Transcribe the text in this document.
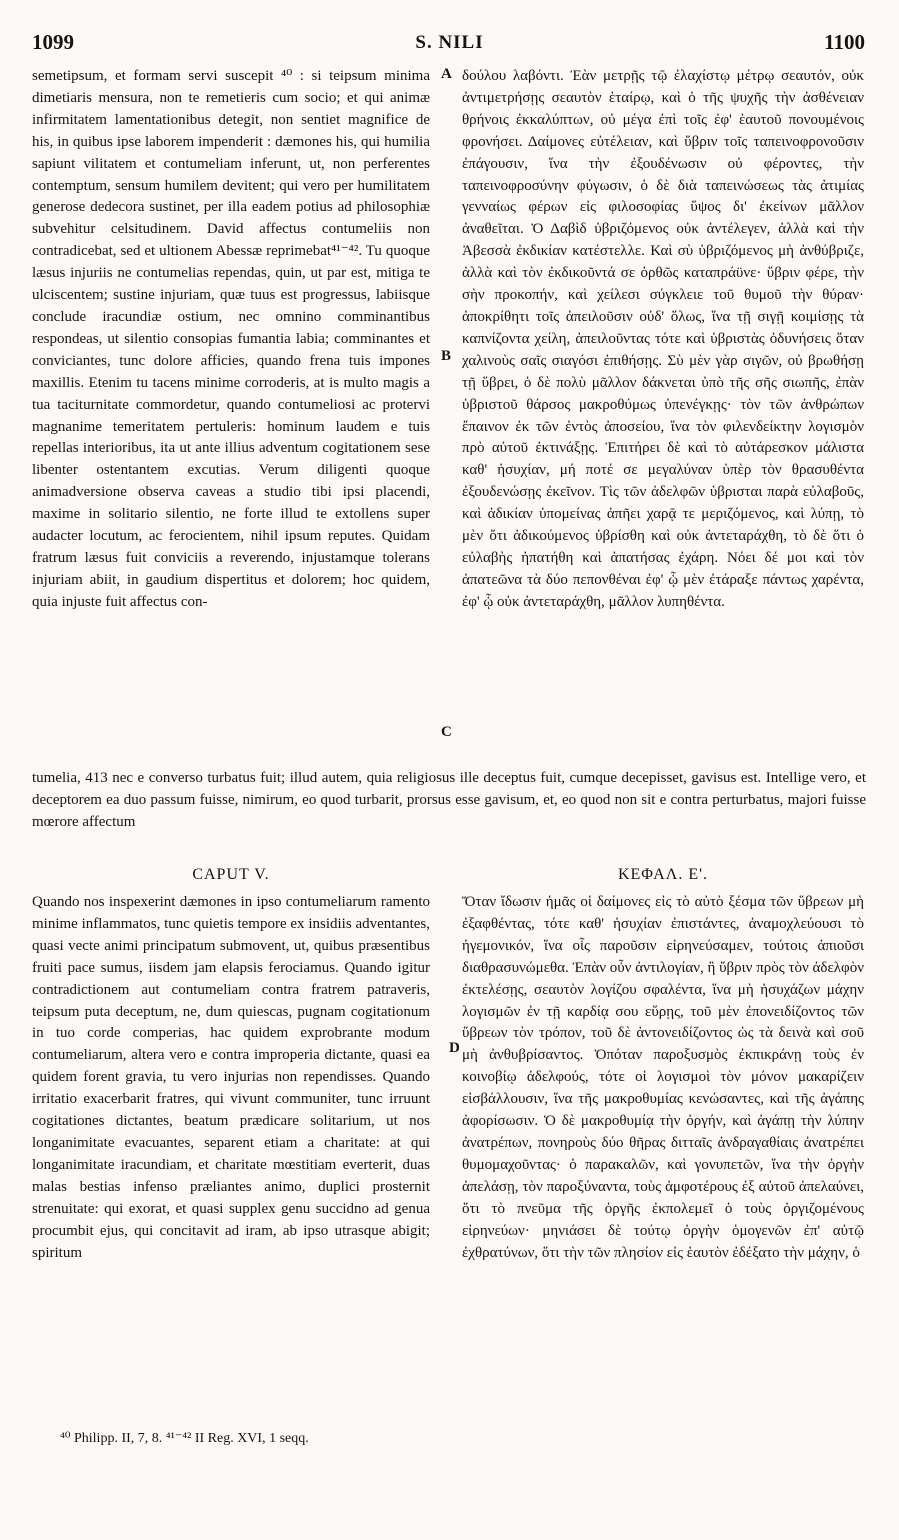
1099	S. NILI	1100

semetipsum, et formam servi suscepit ⁴⁰ : si teipsum minima dimetiaris mensura, non te remetieris cum socio; et qui animæ infirmitatem lamentationibus detegit, non sentiet magnifice de his, in quibus ipse laborem impenderit : dæmones his, qui humilia sapiunt vilitatem et contumeliam inferunt, ut, non perferentes contemptum, sensum humilem devitent; qui vero per humilitatem generose dedecora sustinet, per illa eadem potius ad philosophiæ subvehitur celsitudinem. David affectus contumeliis non contradicebat, sed et ultionem Abessæ reprimebat⁴¹⁻⁴². Tu quoque læsus injuriis ne contumelias rependas, quin, ut par est, mitiga te ulciscentem; sustine injuriam, quæ tuus est progressus, labiisque conclude iracundiæ ostium, nec omnino comminantibus respondeas, ut silentio consopias fumantia labia; comminantes et conviciantes, tunc dolore afficies, quando frena tuis impones maxillis. Etenim tu tacens minime corroderis, at is multo magis a tua taciturnitate commordetur, quando contumeliosi ac protervi magnanime temeritatem pertuleris: hominum laudem e tuis repellas interioribus, ita ut ante illius adventum cogitationem sese libenter ostentantem excutias. Verum diligenti quoque animadversione observa caveas a studio tibi ipsi placendi, maxime in solitario silentio, ne forte illud te extollens super audacter locutum, ac ferocientem, nihil ipsum reputes. Quidam fratrum læsus fuit conviciis a reverendo, injustamque tolerans injuriam abiit, in gaudium dispertitus et dolorem; hoc quidem, quia injuste fuit affectus con-

δούλου λαβόντι. Ἐὰν μετρῇς τῷ ἐλαχίστῳ μέτρῳ σεαυτόν, οὐκ ἀντιμετρήσῃς σεαυτὸν ἑταίρῳ, καὶ ὁ τῆς ψυχῆς τὴν ἀσθένειαν θρήνοις ἐκκαλύπτων, οὐ μέγα ἐπὶ τοῖς ἐφ' ἑαυτοῦ πονουμένοις φρονήσει. Δαίμονες εὐτέλειαν, καὶ ὕβριν τοῖς ταπεινοφρονοῦσιν ἐπάγουσιν, ἵνα τὴν ἐξουδένωσιν οὐ φέροντες, τὴν ταπεινοφροσύνην φύγωσιν, ὁ δὲ διὰ ταπεινώσεως τὰς ἀτιμίας γενναίως φέρων εἰς φιλοσοφίας ὕψος δι' ἐκείνων μᾶλλον ἀναθεῖται. Ὁ Δαβὶδ ὑβριζόμενος οὐκ ἀντέλεγεν, ἀλλὰ καὶ τὴν Ἀβεσσὰ ἐκδικίαν κατέστελλε. Καὶ σὺ ὑβριζόμενος μὴ ἀνθύβριζε, ἀλλὰ καὶ τὸν ἐκδικοῦντά σε ὀρθῶς καταπράϋνε· ὕβριν φέρε, τὴν σὴν προκοπήν, καὶ χείλεσι σύγκλειε τοῦ θυμοῦ τὴν θύραν· ἀποκρίθητι τοῖς ἀπειλοῦσιν οὐδ' ὅλως, ἵνα τῇ σιγῇ κοιμίσῃς τὰ καπνίζοντα χείλη, ἀπειλοῦντας τότε καὶ ὑβριστὰς ὀδυνήσεις ὅταν χαλινοὺς σαῖς σιαγόσι ἐπιθήσῃς. Σὺ μὲν γὰρ σιγῶν, οὐ βρωθήσῃ τῇ ὕβρει, ὁ δὲ πολὺ μᾶλλον δάκνεται ὑπὸ τῆς σῆς σιωπῆς, ἐπὰν ὑβριστοῦ θάρσος μακροθύμως ὑπενέγκῃς· τὸν τῶν ἀνθρώπων ἔπαινον ἐκ τῶν ἐντὸς ἀποσείου, ἵνα τὸν φιλενδείκτην λογισμὸν πρὸ αὐτοῦ ἐκτινάξῃς. Ἐπιτήρει δὲ καὶ τὸ αὐτάρεσκον μάλιστα καθ' ἡσυχίαν, μή ποτέ σε μεγαλύναν ὑπὲρ τὸν θρασυθέντα ἐξουδενώσῃς ἐκεῖνον. Τὶς τῶν ἀδελφῶν ὑβρισται παρὰ εὐλαβοῦς, καὶ ἀδικίαν ὑπομείνας ἀπῆει χαρᾷ τε μεριζόμενος, καὶ λύπῃ, τὸ μὲν ὅτι ἀδικούμενος ὑβρίσθη καὶ οὐκ ἀντεταράχθη, τὸ δὲ ὅτι ὁ εὐλαβὴς ἠπατήθη καὶ ἀπατήσας ἐχάρη. Νόει δέ μοι καὶ τὸν ἀπατεῶνα τὰ δύο πεπονθέναι ἐφ' ᾧ μὲν ἐτάραξε πάντως χαρέντα, ἐφ' ᾧ οὐκ ἀντεταράχθη, μᾶλλον λυπηθέντα.

A
B
C
D

tumelia, 413 nec e converso turbatus fuit; illud autem, quia religiosus ille deceptus fuit, cumque decepisset, gavisus est. Intellige vero, et deceptorem ea duo passum fuisse, nimirum, eo quod turbarit, prorsus esse gavisum, et, eo quod non sit e contra perturbatus, majori fuisse mœrore affectum

CAPUT V.	ΚΕΦΑΛ. Ε'.

Quando nos inspexerint dæmones in ipso contumeliarum ramento minime inflammatos, tunc quietis tempore ex insidiis adventantes, quasi vecte animi principatum submovent, ut, quibus præsentibus fruiti pace sumus, iisdem jam elapsis ferociamus. Quando igitur contradictionem aut contumeliam contra fratrem patraveris, teipsum puta deceptum, ne, dum quiescas, pugnam cogitationum in tuo corde comperias, hac quidem exprobrante modum contumeliarum, altera vero e contra improperia dictante, quasi ea quidem forent gravia, tu vero injurias non rependisses. Quando irritatio exacerbarit fratres, qui vivunt communiter, tunc irruunt cogitationes dictantes, beatum prædicare solitarium, ut nos longanimitate evacuantes, separent etiam a charitate: at qui longanimitate iracundiam, et charitate mœstitiam everterit, duas malas bestias infenso præliantes animo, duplici prosternit strenuitate: qui exorat, et quasi supplex genu succidno ad genua procumbit ejus, qui concitavit ad iram, ab ipso utrasque abigit; spiritum

Ὅταν ἴδωσιν ἡμᾶς οἱ δαίμονες εἰς τὸ αὐτὸ ξέσμα τῶν ὕβρεων μὴ ἐξαφθέντας, τότε καθ' ἡσυχίαν ἐπιστάντες, ἀναμοχλεύουσι τὸ ἡγεμονικόν, ἵνα οἷς παροῦσιν εἰρηνεύσαμεν, τούτοις ἀπιοῦσι διαθρασυνώμεθα. Ἐπὰν οὖν ἀντιλογίαν, ἢ ὕβριν πρὸς τὸν ἀδελφὸν ἐκτελέσῃς, σεαυτὸν λογίζου σφαλέντα, ἵνα μὴ ἡσυχάζων μάχην λογισμῶν ἐν τῇ καρδίᾳ σου εὕρῃς, τοῦ μὲν ἐπονειδίζοντος τῶν ὕβρεων τὸν τρόπον, τοῦ δὲ ἀντονειδίζοντος ὡς τὰ δεινὰ καὶ σοῦ μὴ ἀνθυβρίσαντος. Ὁπόταν παροξυσμὸς ἐκπικράνῃ τοὺς ἐν κοινοβίῳ ἀδελφούς, τότε οἱ λογισμοὶ τὸν μόνον μακαρίζειν εἰσβάλλουσιν, ἵνα τῆς μακροθυμίας κενώσαντες, καὶ τῆς ἀγάπης ἀφορίσωσιν. Ὁ δὲ μακροθυμίᾳ τὴν ὀργήν, καὶ ἀγάπῃ τὴν λύπην ἀνατρέπων, πονηροὺς δύο θῆρας διτταῖς ἀνδραγαθίαις ἀνατρέπει θυμομαχοῦντας· ὁ παρακαλῶν, καὶ γονυπετῶν, ἵνα τὴν ὀργὴν ἀπελάσῃ, τὸν παροξύναντα, τοὺς ἀμφοτέρους ἐξ αὐτοῦ ἀπελαύνει, ὅτι τὸ πνεῦμα τῆς ὀργῆς ἐκπολεμεῖ ὁ τοὺς ὀργιζομένους εἰρηνεύων· μηνιάσει δὲ τούτῳ ὀργὴν ὁμογενῶν ἐπ' αὐτῷ ἐχθρατύνων, ὅτι τὴν τῶν πλησίον εἰς ἑαυτὸν ἐδέξατο τὴν μάχην, ὁ

⁴⁰ Philipp. II, 7, 8. ⁴¹⁻⁴² II Reg. XVI, 1 seqq.
